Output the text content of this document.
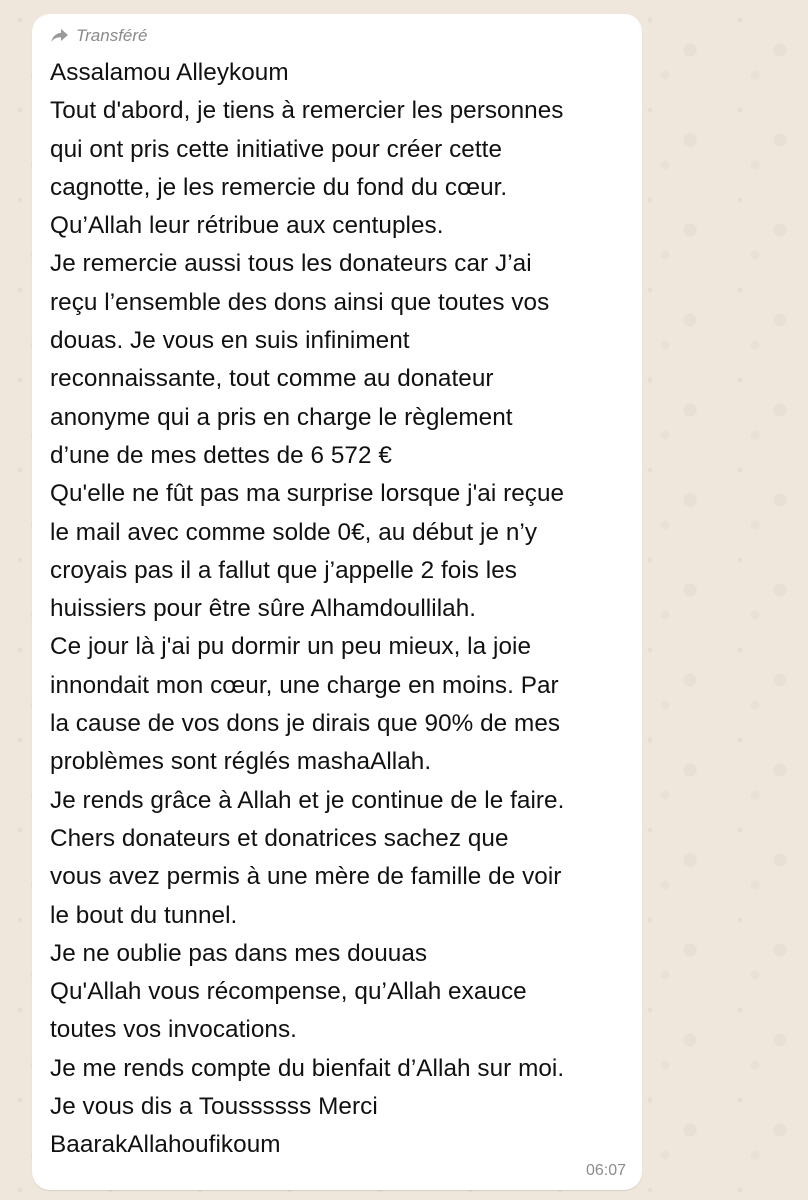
Transféré
Assalamou Alleykoum
Tout d'abord, je tiens à remercier les personnes
qui ont pris cette initiative pour créer cette
cagnotte, je les remercie du fond du cœur.
Qu’Allah leur rétribue aux centuples.
Je remercie aussi tous les donateurs car J’ai
reçu l’ensemble des dons ainsi que toutes vos
douas. Je vous en suis infiniment
reconnaissante, tout comme au donateur
anonyme qui a pris en charge le règlement
d’une de mes dettes de 6 572 €
Qu'elle ne fût pas ma surprise lorsque j'ai reçue
le mail avec comme solde 0€, au début je n’y
croyais pas il a fallut que j’appelle 2 fois les
huissiers pour être sûre Alhamdoullilah.
Ce jour là j'ai pu dormir un peu mieux, la joie
innondait mon cœur, une charge en moins. Par
la cause de vos dons je dirais que 90% de mes
problèmes sont réglés mashaAllah.
Je rends grâce à Allah et je continue de le faire.
Chers donateurs et donatrices sachez que
vous avez permis à une mère de famille de voir
le bout du tunnel.
Je ne oublie pas dans mes douuas
Qu'Allah vous récompense, qu’Allah exauce
toutes vos invocations.
Je me rends compte du bienfait d’Allah sur moi.
Je vous dis a Toussssss Merci
BaarakAllahoufikoum
06:07
